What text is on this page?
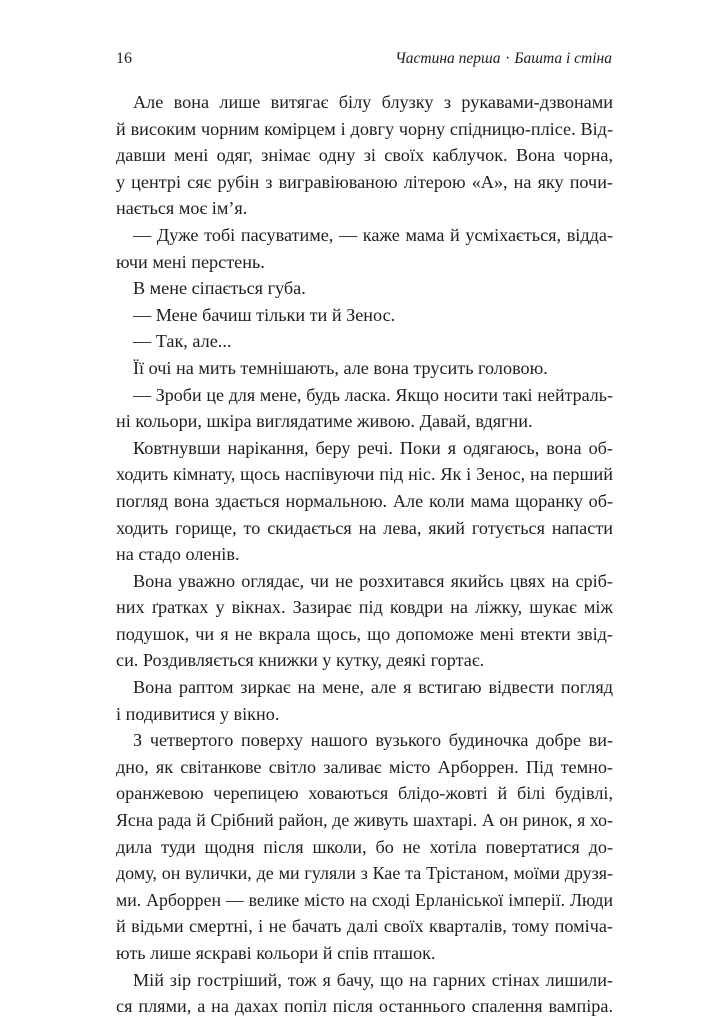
16	Частина перша · Башта і стіна
Але вона лише витягає білу блузку з рукавами-дзвонами
й високим чорним комірцем і довгу чорну спідницю-плісе. Від-
давши мені одяг, знімає одну зі своїх каблучок. Вона чорна,
у центрі сяє рубін з вигравіюваною літерою «А», на яку почи-
нається моє ім’я.
— Дуже тобі пасуватиме, — каже мама й усміхається, відда-
ючи мені перстень.
В мене сіпається губа.
— Мене бачиш тільки ти й Зенос.
— Так, але...
Її очі на мить темнішають, але вона трусить головою.
— Зроби це для мене, будь ласка. Якщо носити такі нейтраль-
ні кольори, шкіра виглядатиме живою. Давай, вдягни.
Ковтнувши нарікання, беру речі. Поки я одягаюсь, вона об-
ходить кімнату, щось наспівуючи під ніс. Як і Зенос, на перший
погляд вона здається нормальною. Але коли мама щоранку об-
ходить горище, то скидається на лева, який готується напасти
на стадо оленів.
Вона уважно оглядає, чи не розхитався якийсь цвях на сріб-
них ґратках у вікнах. Зазирає під ковдри на ліжку, шукає між
подушок, чи я не вкрала щось, що допоможе мені втекти звід-
си. Роздивляється книжки у кутку, деякі гортає.
Вона раптом зиркає на мене, але я встигаю відвести погляд
і подивитися у вікно.
З четвертого поверху нашого вузького будиночка добре ви-
дно, як світанкове світло заливає місто Арборрен. Під темно-
оранжевою черепицею ховаються блідо-жовті й білі будівлі,
Ясна рада й Срібний район, де живуть шахтарі. А он ринок, я хо-
дила туди щодня після школи, бо не хотіла повертатися до-
дому, он вулички, де ми гуляли з Кае та Трістаном, моїми друзя-
ми. Арборрен — велике місто на сході Ерланіської імперії. Люди
й відьми смертні, і не бачать далі своїх кварталів, тому поміча-
ють лише яскраві кольори й спів пташок.
Мій зір гостріший, тож я бачу, що на гарних стінах лишили-
ся плями, а на дахах попіл після останнього спалення вампіра.
